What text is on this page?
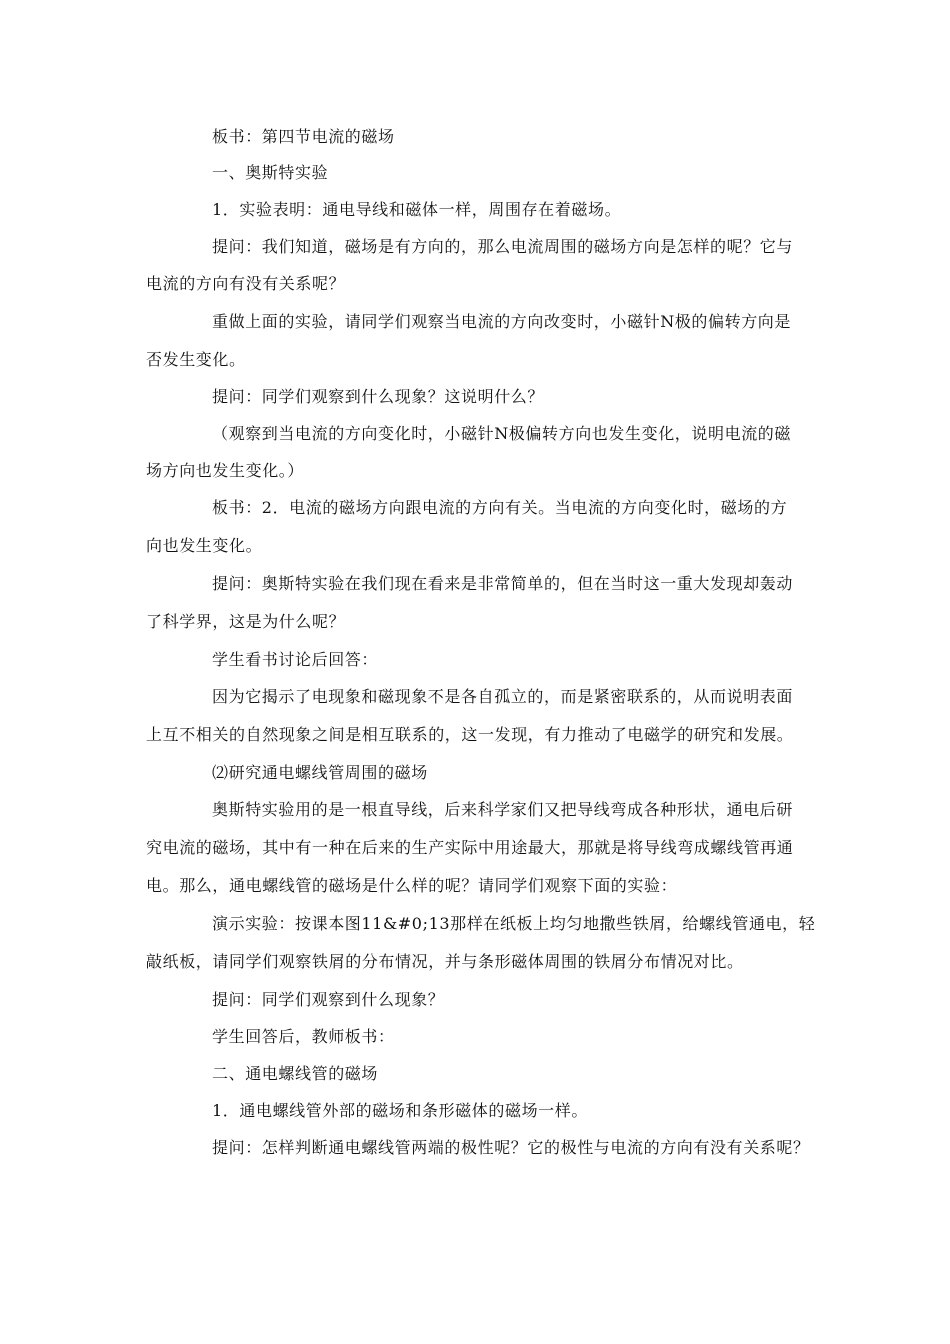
板书：第四节电流的磁场
一、奥斯特实验
1．实验表明：通电导线和磁体一样，周围存在着磁场。
提问：我们知道，磁场是有方向的，那么电流周围的磁场方向是怎样的呢？它与
电流的方向有没有关系呢？
重做上面的实验，请同学们观察当电流的方向改变时，小磁针N极的偏转方向是
否发生变化。
提问：同学们观察到什么现象？这说明什么？
（观察到当电流的方向变化时，小磁针N极偏转方向也发生变化，说明电流的磁
场方向也发生变化。）
板书：2．电流的磁场方向跟电流的方向有关。当电流的方向变化时，磁场的方
向也发生变化。
提问：奥斯特实验在我们现在看来是非常简单的，但在当时这一重大发现却轰动
了科学界，这是为什么呢？
学生看书讨论后回答：
因为它揭示了电现象和磁现象不是各自孤立的，而是紧密联系的，从而说明表面
上互不相关的自然现象之间是相互联系的，这一发现，有力推动了电磁学的研究和发展。
⑵研究通电螺线管周围的磁场
奥斯特实验用的是一根直导线，后来科学家们又把导线弯成各种形状，通电后研
究电流的磁场，其中有一种在后来的生产实际中用途最大，那就是将导线弯成螺线管再通
电。那么，通电螺线管的磁场是什么样的呢？请同学们观察下面的实验：
演示实验：按课本图11&#0;13那样在纸板上均匀地撒些铁屑，给螺线管通电，轻
敲纸板，请同学们观察铁屑的分布情况，并与条形磁体周围的铁屑分布情况对比。
提问：同学们观察到什么现象？
学生回答后，教师板书：
二、通电螺线管的磁场
1．通电螺线管外部的磁场和条形磁体的磁场一样。
提问：怎样判断通电螺线管两端的极性呢？它的极性与电流的方向有没有关系呢？
